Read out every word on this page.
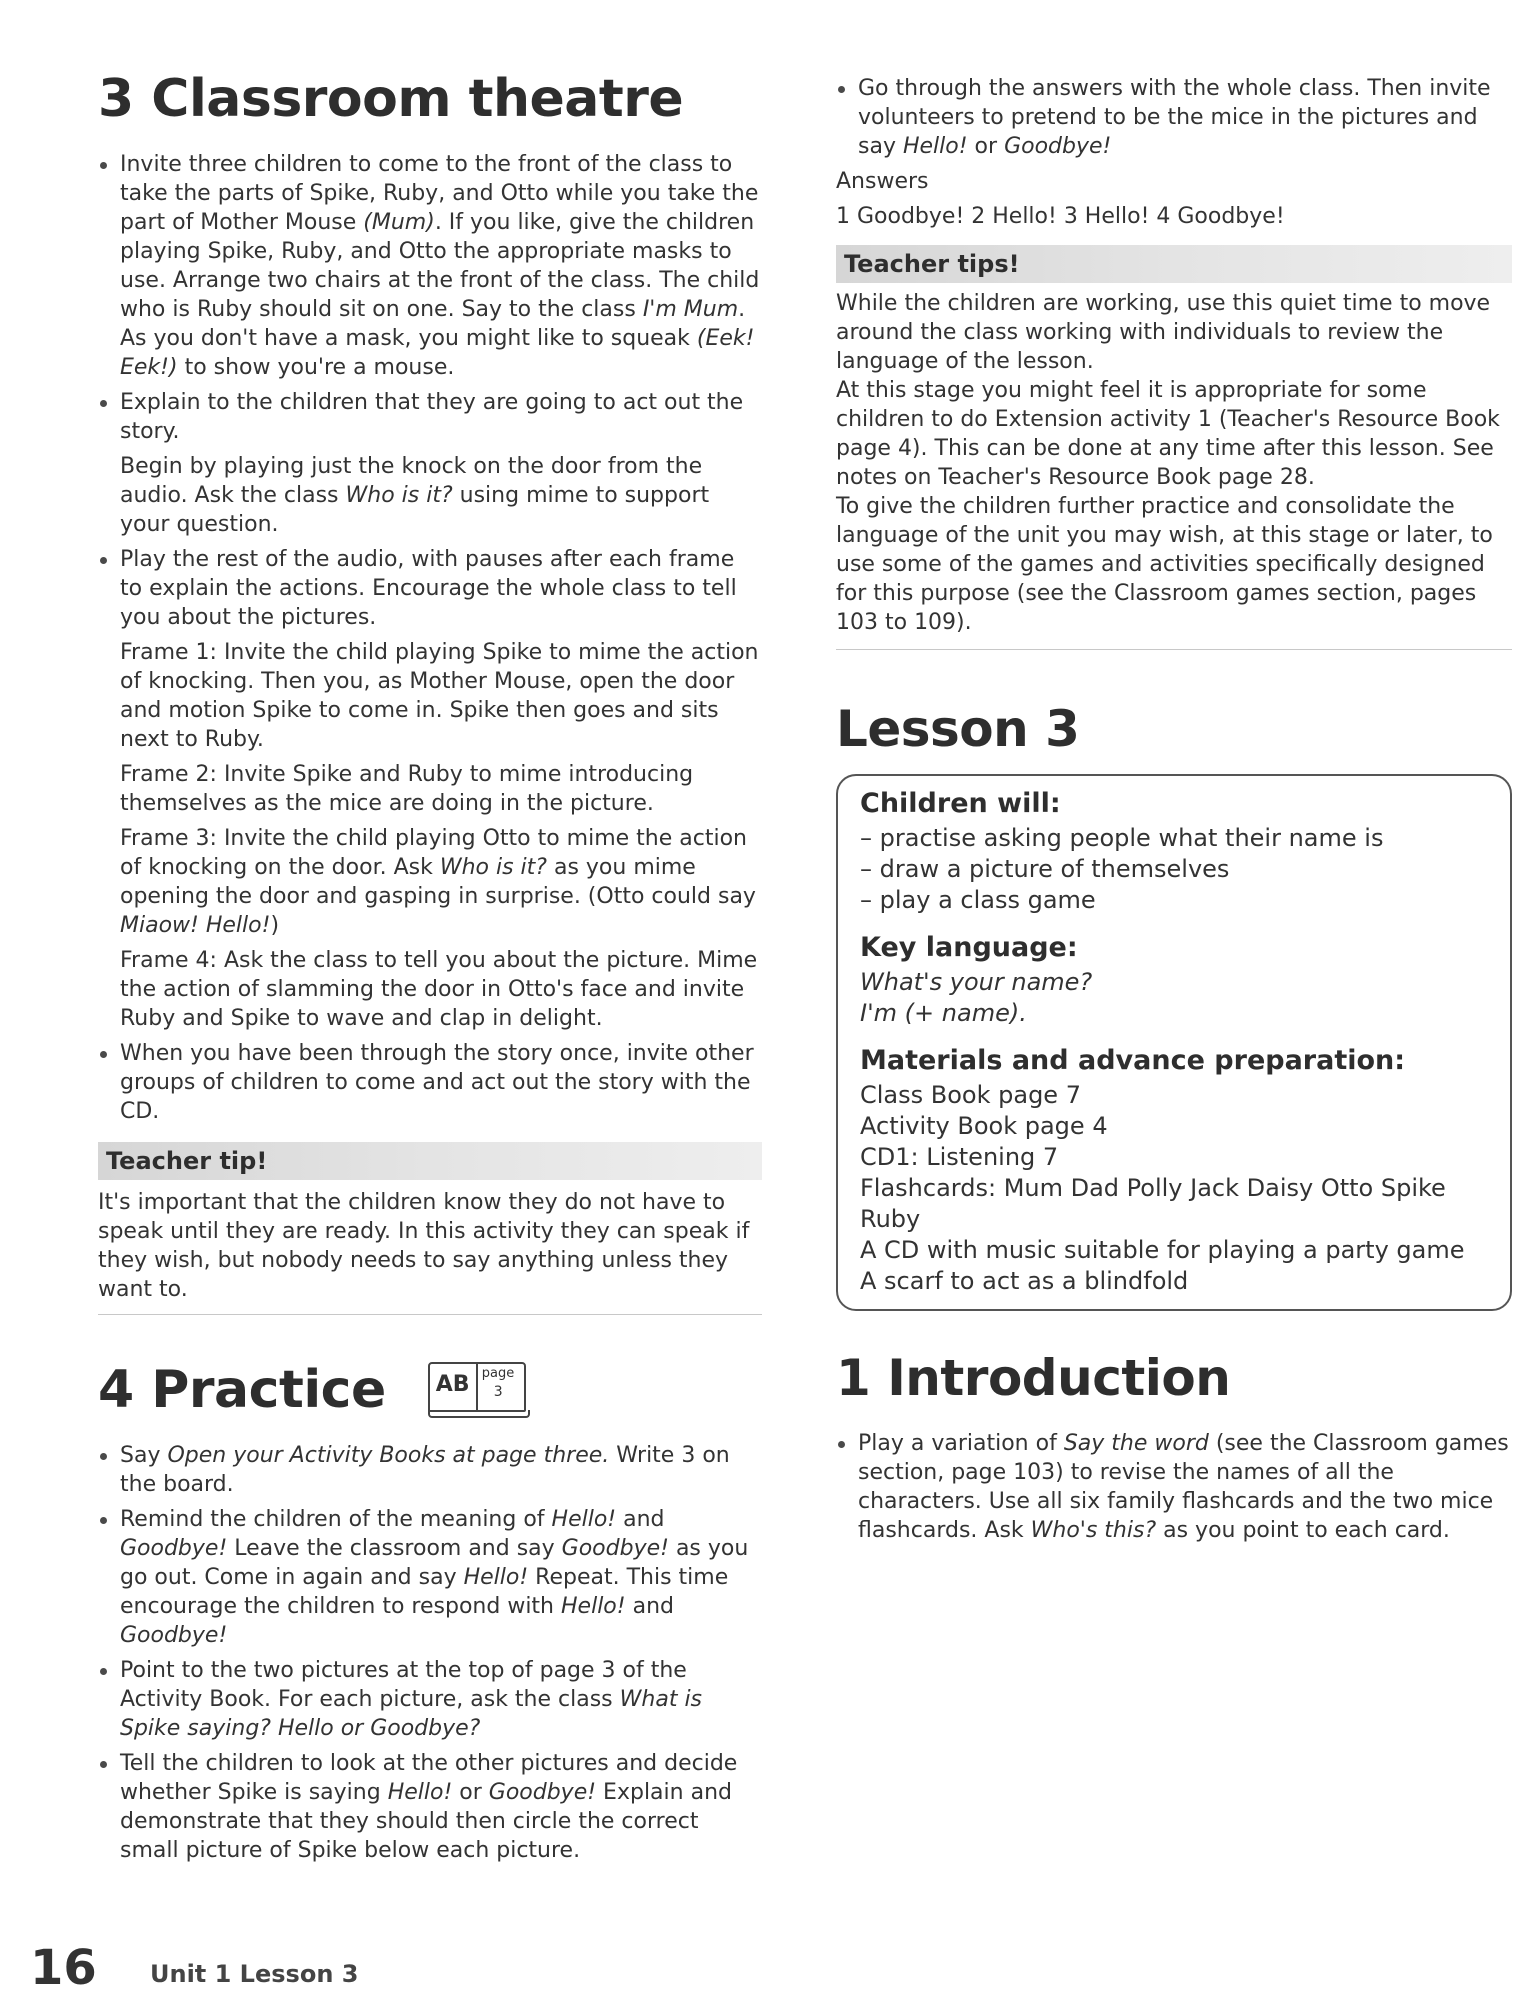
3 Classroom theatre
Invite three children to come to the front of the class to take the parts of Spike, Ruby, and Otto while you take the part of Mother Mouse (Mum). If you like, give the children playing Spike, Ruby, and Otto the appropriate masks to use. Arrange two chairs at the front of the class. The child who is Ruby should sit on one. Say to the class I'm Mum. As you don't have a mask, you might like to squeak (Eek! Eek!) to show you're a mouse.
Explain to the children that they are going to act out the story.
Begin by playing just the knock on the door from the audio. Ask the class Who is it? using mime to support your question.
Play the rest of the audio, with pauses after each frame to explain the actions. Encourage the whole class to tell you about the pictures.
Frame 1: Invite the child playing Spike to mime the action of knocking. Then you, as Mother Mouse, open the door and motion Spike to come in. Spike then goes and sits next to Ruby.
Frame 2: Invite Spike and Ruby to mime introducing themselves as the mice are doing in the picture.
Frame 3: Invite the child playing Otto to mime the action of knocking on the door. Ask Who is it? as you mime opening the door and gasping in surprise. (Otto could say Miaow! Hello!)
Frame 4: Ask the class to tell you about the picture. Mime the action of slamming the door in Otto's face and invite Ruby and Spike to wave and clap in delight.
When you have been through the story once, invite other groups of children to come and act out the story with the CD.
Teacher tip!
It's important that the children know they do not have to speak until they are ready. In this activity they can speak if they wish, but nobody needs to say anything unless they want to.
4 Practice AB page
3
Say Open your Activity Books at page three. Write 3 on the board.
Remind the children of the meaning of Hello! and Goodbye! Leave the classroom and say Goodbye! as you go out. Come in again and say Hello! Repeat. This time encourage the children to respond with Hello! and Goodbye!
Point to the two pictures at the top of page 3 of the Activity Book. For each picture, ask the class What is Spike saying? Hello or Goodbye?
Tell the children to look at the other pictures and decide whether Spike is saying Hello! or Goodbye! Explain and demonstrate that they should then circle the correct small picture of Spike below each picture.
Go through the answers with the whole class. Then invite volunteers to pretend to be the mice in the pictures and say Hello! or Goodbye!
Answers
1 Goodbye! 2 Hello! 3 Hello! 4 Goodbye!
Teacher tips!
While the children are working, use this quiet time to move around the class working with individuals to review the language of the lesson.
At this stage you might feel it is appropriate for some children to do Extension activity 1 (Teacher's Resource Book page 4). This can be done at any time after this lesson. See notes on Teacher's Resource Book page 28.
To give the children further practice and consolidate the language of the unit you may wish, at this stage or later, to use some of the games and activities specifically designed for this purpose (see the Classroom games section, pages 103 to 109).
Lesson 3
Children will:
– practise asking people what their name is
– draw a picture of themselves
– play a class game
Key language:
What's your name?
I'm (+ name).
Materials and advance preparation:
Class Book page 7
Activity Book page 4
CD1: Listening 7
Flashcards: Mum Dad Polly Jack Daisy Otto Spike Ruby
A CD with music suitable for playing a party game
A scarf to act as a blindfold
1 Introduction
Play a variation of Say the word (see the Classroom games section, page 103) to revise the names of all the characters. Use all six family flashcards and the two mice flashcards. Ask Who's this? as you point to each card.
16 Unit 1 Lesson 3
